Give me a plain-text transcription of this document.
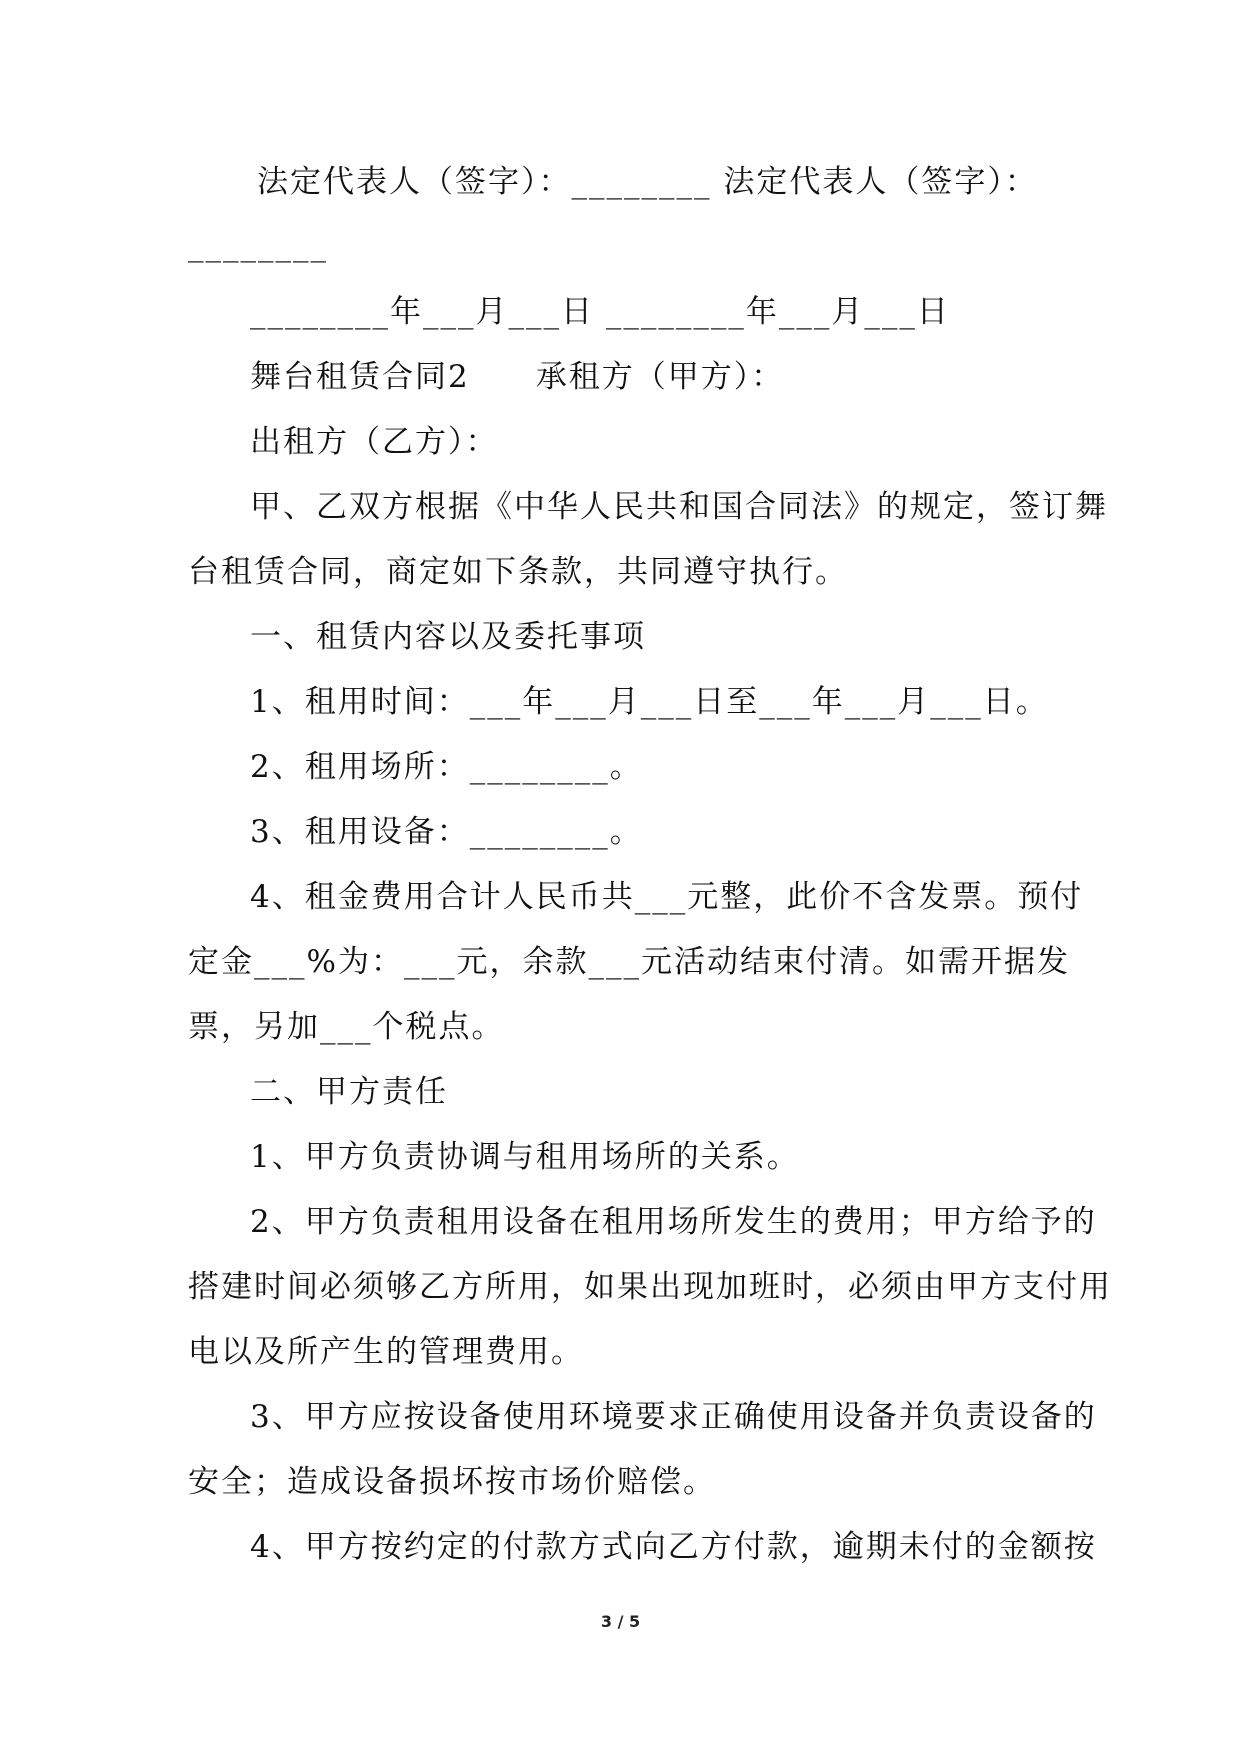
法定代表人（签字）：________ 法定代表人（签字）：
________
________年___月___日 ________年___月___日
舞台租赁合同2　　承租方（甲方）：
出租方（乙方）：
甲、乙双方根据《中华人民共和国合同法》的规定，签订舞
台租赁合同，商定如下条款，共同遵守执行。
一、租赁内容以及委托事项
1、租用时间：___年___月___日至___年___月___日。
2、租用场所：________。
3、租用设备：________。
4、租金费用合计人民币共___元整，此价不含发票。预付
定金___%为：___元，余款___元活动结束付清。如需开据发
票，另加___个税点。
二、甲方责任
1、甲方负责协调与租用场所的关系。
2、甲方负责租用设备在租用场所发生的费用；甲方给予的
搭建时间必须够乙方所用，如果出现加班时，必须由甲方支付用
电以及所产生的管理费用。
3、甲方应按设备使用环境要求正确使用设备并负责设备的
安全；造成设备损坏按市场价赔偿。
4、甲方按约定的付款方式向乙方付款，逾期未付的金额按
3 / 5
